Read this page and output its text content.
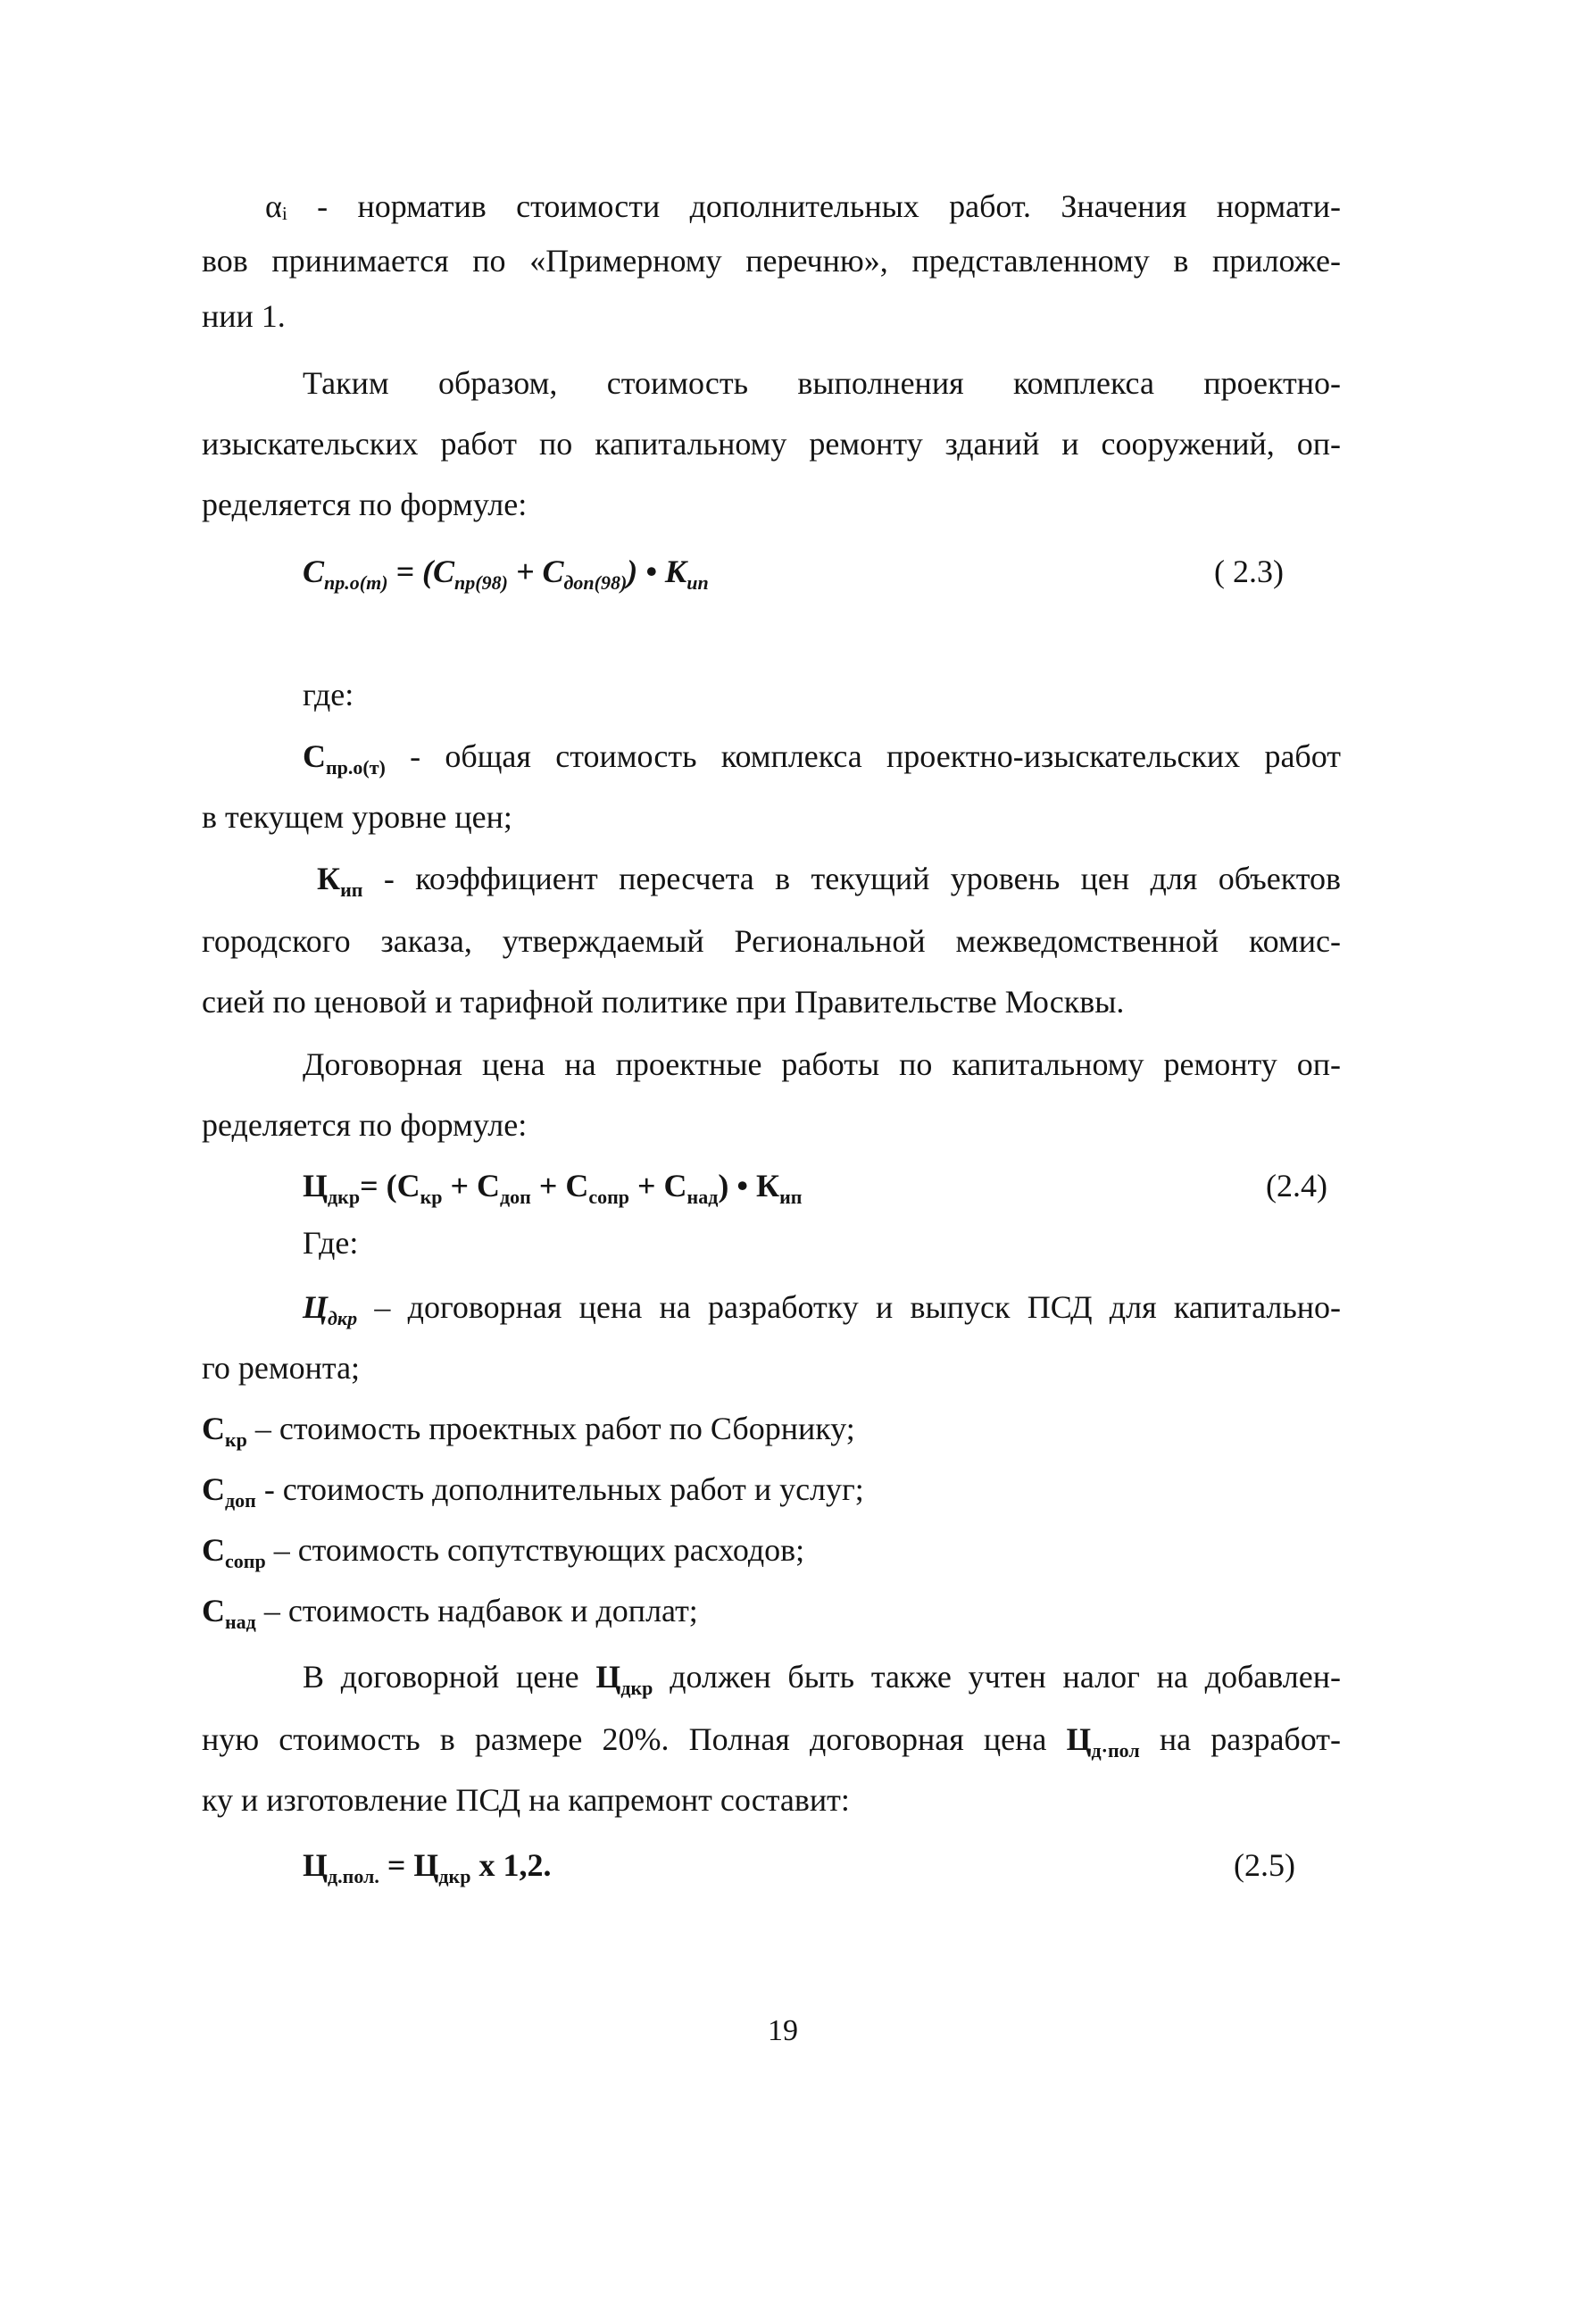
αᵢ - норматив стоимости дополнительных работ. Значения нормати-
вов принимается по «Примерному перечню», представленному в приложе-
нии 1.
Таким образом, стоимость выполнения комплекса проектно-
изыскательских работ по капитальному ремонту зданий и сооружений, оп-
ределяется по формуле:
$С_{пр.о(т)} = (С_{пр(98)} + С_{доп(98)})$ • $К_{ип}$	( 2.3)
где:
$С_{пр.о(т)}$ - общая стоимость комплекса проектно-изыскательских работ
в текущем уровне цен;
$К_{ип}$ - коэффициент пересчета в текущий уровень цен для объектов
городского заказа, утверждаемый Региональной межведомственной комис-
сией по ценовой и тарифной политике при Правительстве Москвы.
Договорная цена на проектные работы по капитальному ремонту оп-
ределяется по формуле:
$Ц_{дкр}= (С_{кр} + С_{доп} + С_{сопр} + С_{над})$ • $К_{ип}$	(2.4)
Где:
$Ц_{дкр}$ – договорная цена на разработку и выпуск ПСД для капитально-
го ремонта;
$С_{кр}$ – стоимость проектных работ по Сборнику;
$С_{доп}$ - стоимость дополнительных работ и услуг;
$С_{сопр}$ – стоимость сопутствующих расходов;
$С_{над}$ – стоимость надбавок и доплат;
В договорной цене $Ц_{дкр}$ должен быть также учтен налог на добавлен-
ную стоимость в размере 20%. Полная договорная цена $Ц_{д\cdot пол}$ на разработ-
ку и изготовление ПСД на капремонт составит:
$Ц_{д.пол.} = Ц_{дкр}$ х 1,2.	(2.5)
19
